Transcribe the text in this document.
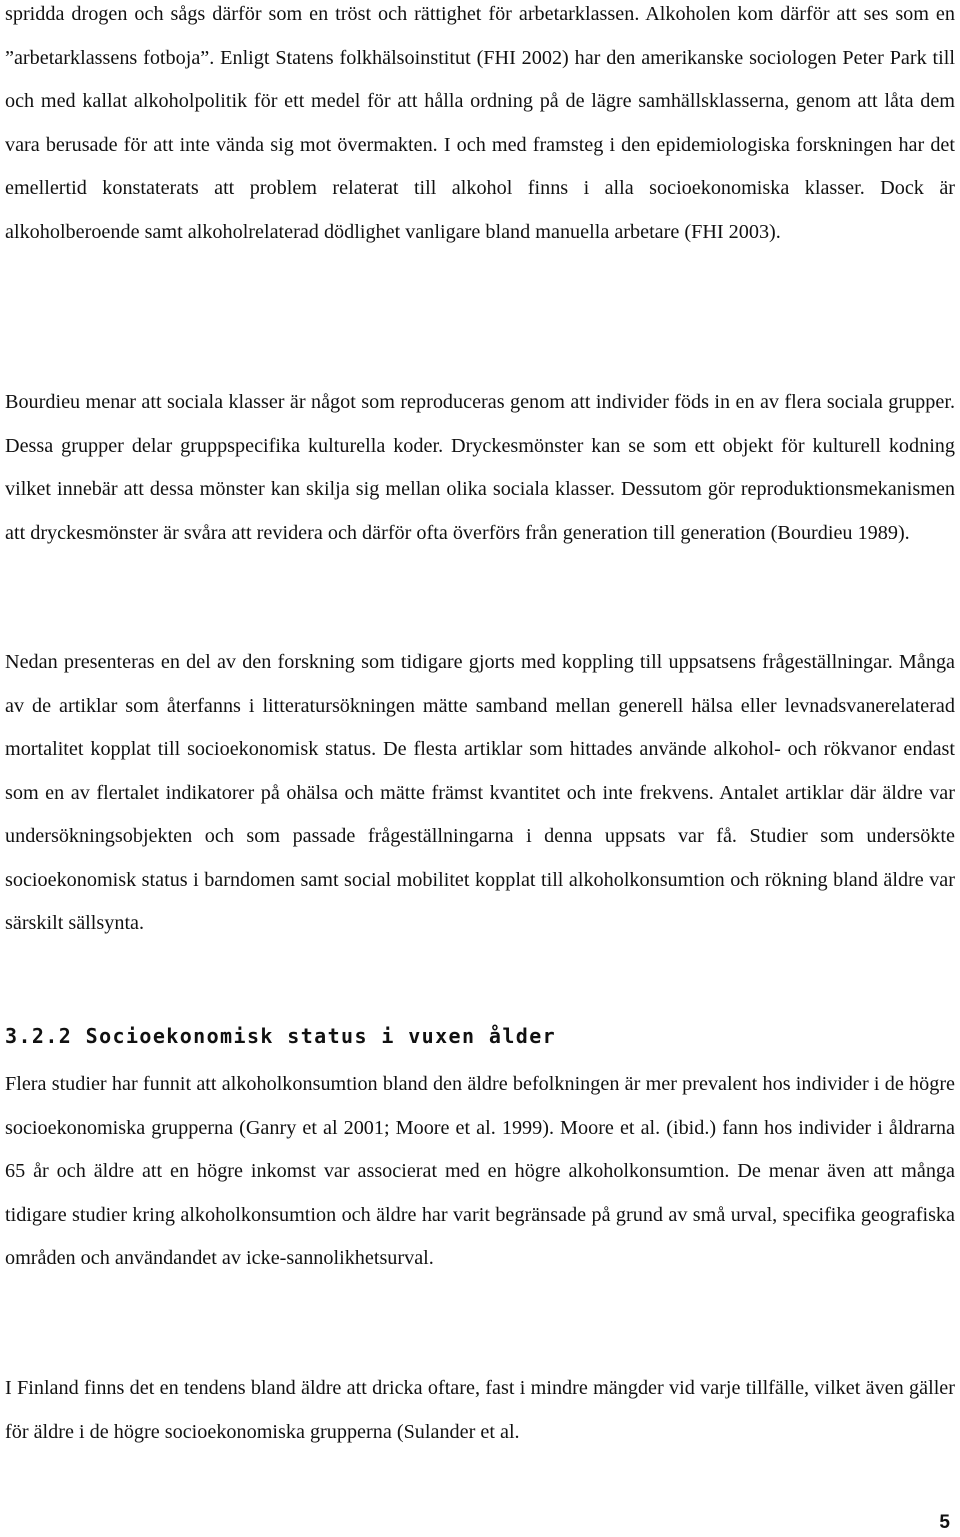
spridda drogen och sågs därför som en tröst och rättighet för arbetarklassen. Alkoholen kom därför att ses som en ”arbetarklassens fotboja”. Enligt Statens folkhälsoinstitut (FHI 2002) har den amerikanske sociologen Peter Park till och med kallat alkoholpolitik för ett medel för att hålla ordning på de lägre samhällsklasserna, genom att låta dem vara berusade för att inte vända sig mot övermakten. I och med framsteg i den epidemiologiska forskningen har det emellertid konstaterats att problem relaterat till alkohol finns i alla socioekonomiska klasser. Dock är alkoholberoende samt alkoholrelaterad dödlighet vanligare bland manuella arbetare (FHI 2003).

Bourdieu menar att sociala klasser är något som reproduceras genom att individer föds in en av flera sociala grupper. Dessa grupper delar gruppspecifika kulturella koder. Dryckesmönster kan se som ett objekt för kulturell kodning vilket innebär att dessa mönster kan skilja sig mellan olika sociala klasser. Dessutom gör reproduktionsmekanismen att dryckesmönster är svåra att revidera och därför ofta överförs från generation till generation (Bourdieu 1989).

Nedan presenteras en del av den forskning som tidigare gjorts med koppling till uppsatsens frågeställningar. Många av de artiklar som återfanns i litteratursökningen mätte samband mellan generell hälsa eller levnadsvanerelaterad mortalitet kopplat till socioekonomisk status. De flesta artiklar som hittades använde alkohol- och rökvanor endast som en av flertalet indikatorer på ohälsa och mätte främst kvantitet och inte frekvens. Antalet artiklar där äldre var undersökningsobjekten och som passade frågeställningarna i denna uppsats var få. Studier som undersökte socioekonomisk status i barndomen samt social mobilitet kopplat till alkoholkonsumtion och rökning bland äldre var särskilt sällsynta.

3.2.2 Socioekonomisk status i vuxen ålder

Flera studier har funnit att alkoholkonsumtion bland den äldre befolkningen är mer prevalent hos individer i de högre socioekonomiska grupperna (Ganry et al 2001; Moore et al. 1999). Moore et al. (ibid.) fann hos individer i åldrarna 65 år och äldre att en högre inkomst var associerat med en högre alkoholkonsumtion. De menar även att många tidigare studier kring alkoholkonsumtion och äldre har varit begränsade på grund av små urval, specifika geografiska områden och användandet av icke-sannolikhetsurval.

I Finland finns det en tendens bland äldre att dricka oftare, fast i mindre mängder vid varje tillfälle, vilket även gäller för äldre i de högre socioekonomiska grupperna (Sulander et al.

5
